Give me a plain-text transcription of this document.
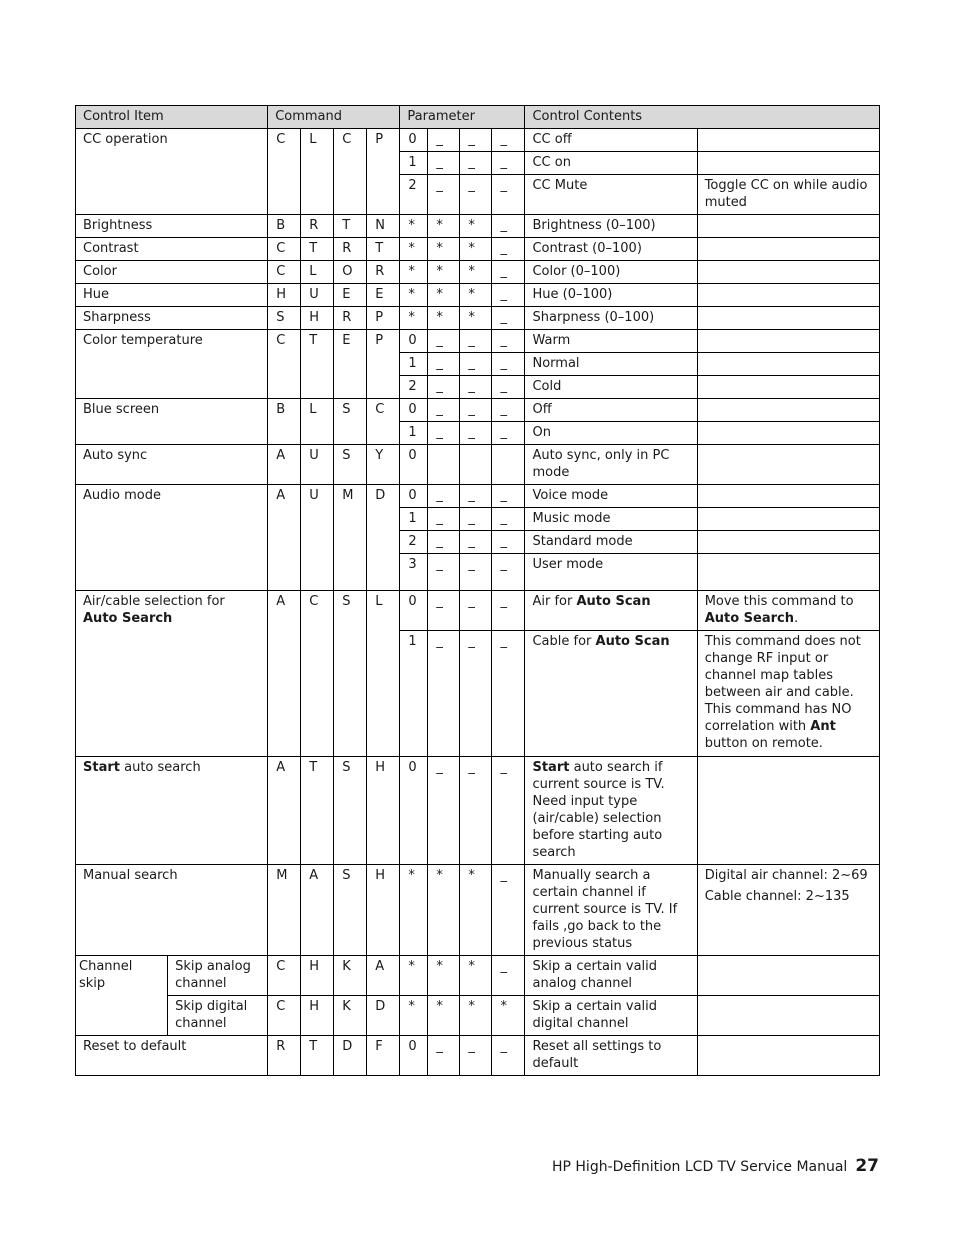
Control Item		Command				Parameter				Control Contents	
CC operation		C	L	C	P	0	_	_	_	CC off	
						1	_	_	_	CC on	
						2	_	_	_	CC Mute	Toggle CC on while audio muted
Brightness		B	R	T	N	*	*	*	_	Brightness (0–100)	
Contrast		C	T	R	T	*	*	*	_	Contrast (0–100)	
Color		C	L	O	R	*	*	*	_	Color (0–100)	
Hue		H	U	E	E	*	*	*	_	Hue (0–100)	
Sharpness		S	H	R	P	*	*	*	_	Sharpness (0–100)	
Color temperature		C	T	E	P	0	_	_	_	Warm	
						1	_	_	_	Normal	
						2	_	_	_	Cold	
Blue screen		B	L	S	C	0	_	_	_	Off	
						1	_	_	_	On	
Auto sync		A	U	S	Y	0				Auto sync, only in PC mode	
Audio mode		A	U	M	D	0	_	_	_	Voice mode	
						1	_	_	_	Music mode	
						2	_	_	_	Standard mode	
						3	_	_	_	User mode	
Air/cable selection for Auto Search		A	C	S	L	0	_	_	_	Air for Auto Scan	Move this command to Auto Search.
						1	_	_	_	Cable for Auto Scan	This command does not change RF input or channel map tables between air and cable. This command has NO correlation with Ant button on remote.
Start auto search		A	T	S	H	0	_	_	_	Start auto search if current source is TV. Need input type (air/cable) selection before starting auto search	
Manual search		M	A	S	H	*	*	*	_	Manually search a certain channel if current source is TV. If fails ,go back to the previous status	Digital air channel: 2~69
Cable channel: 2~135

Channel skip	Skip analog channel	C	H	K	A	*	*	*	_	Skip a certain valid analog channel	
	Skip digital channel	C	H	K	D	*	*	*	*	Skip a certain valid digital channel	
Reset to default		R	T	D	F	0	_	_	_	Reset all settings to default	
HP High-Definition LCD TV Service Manual 27
